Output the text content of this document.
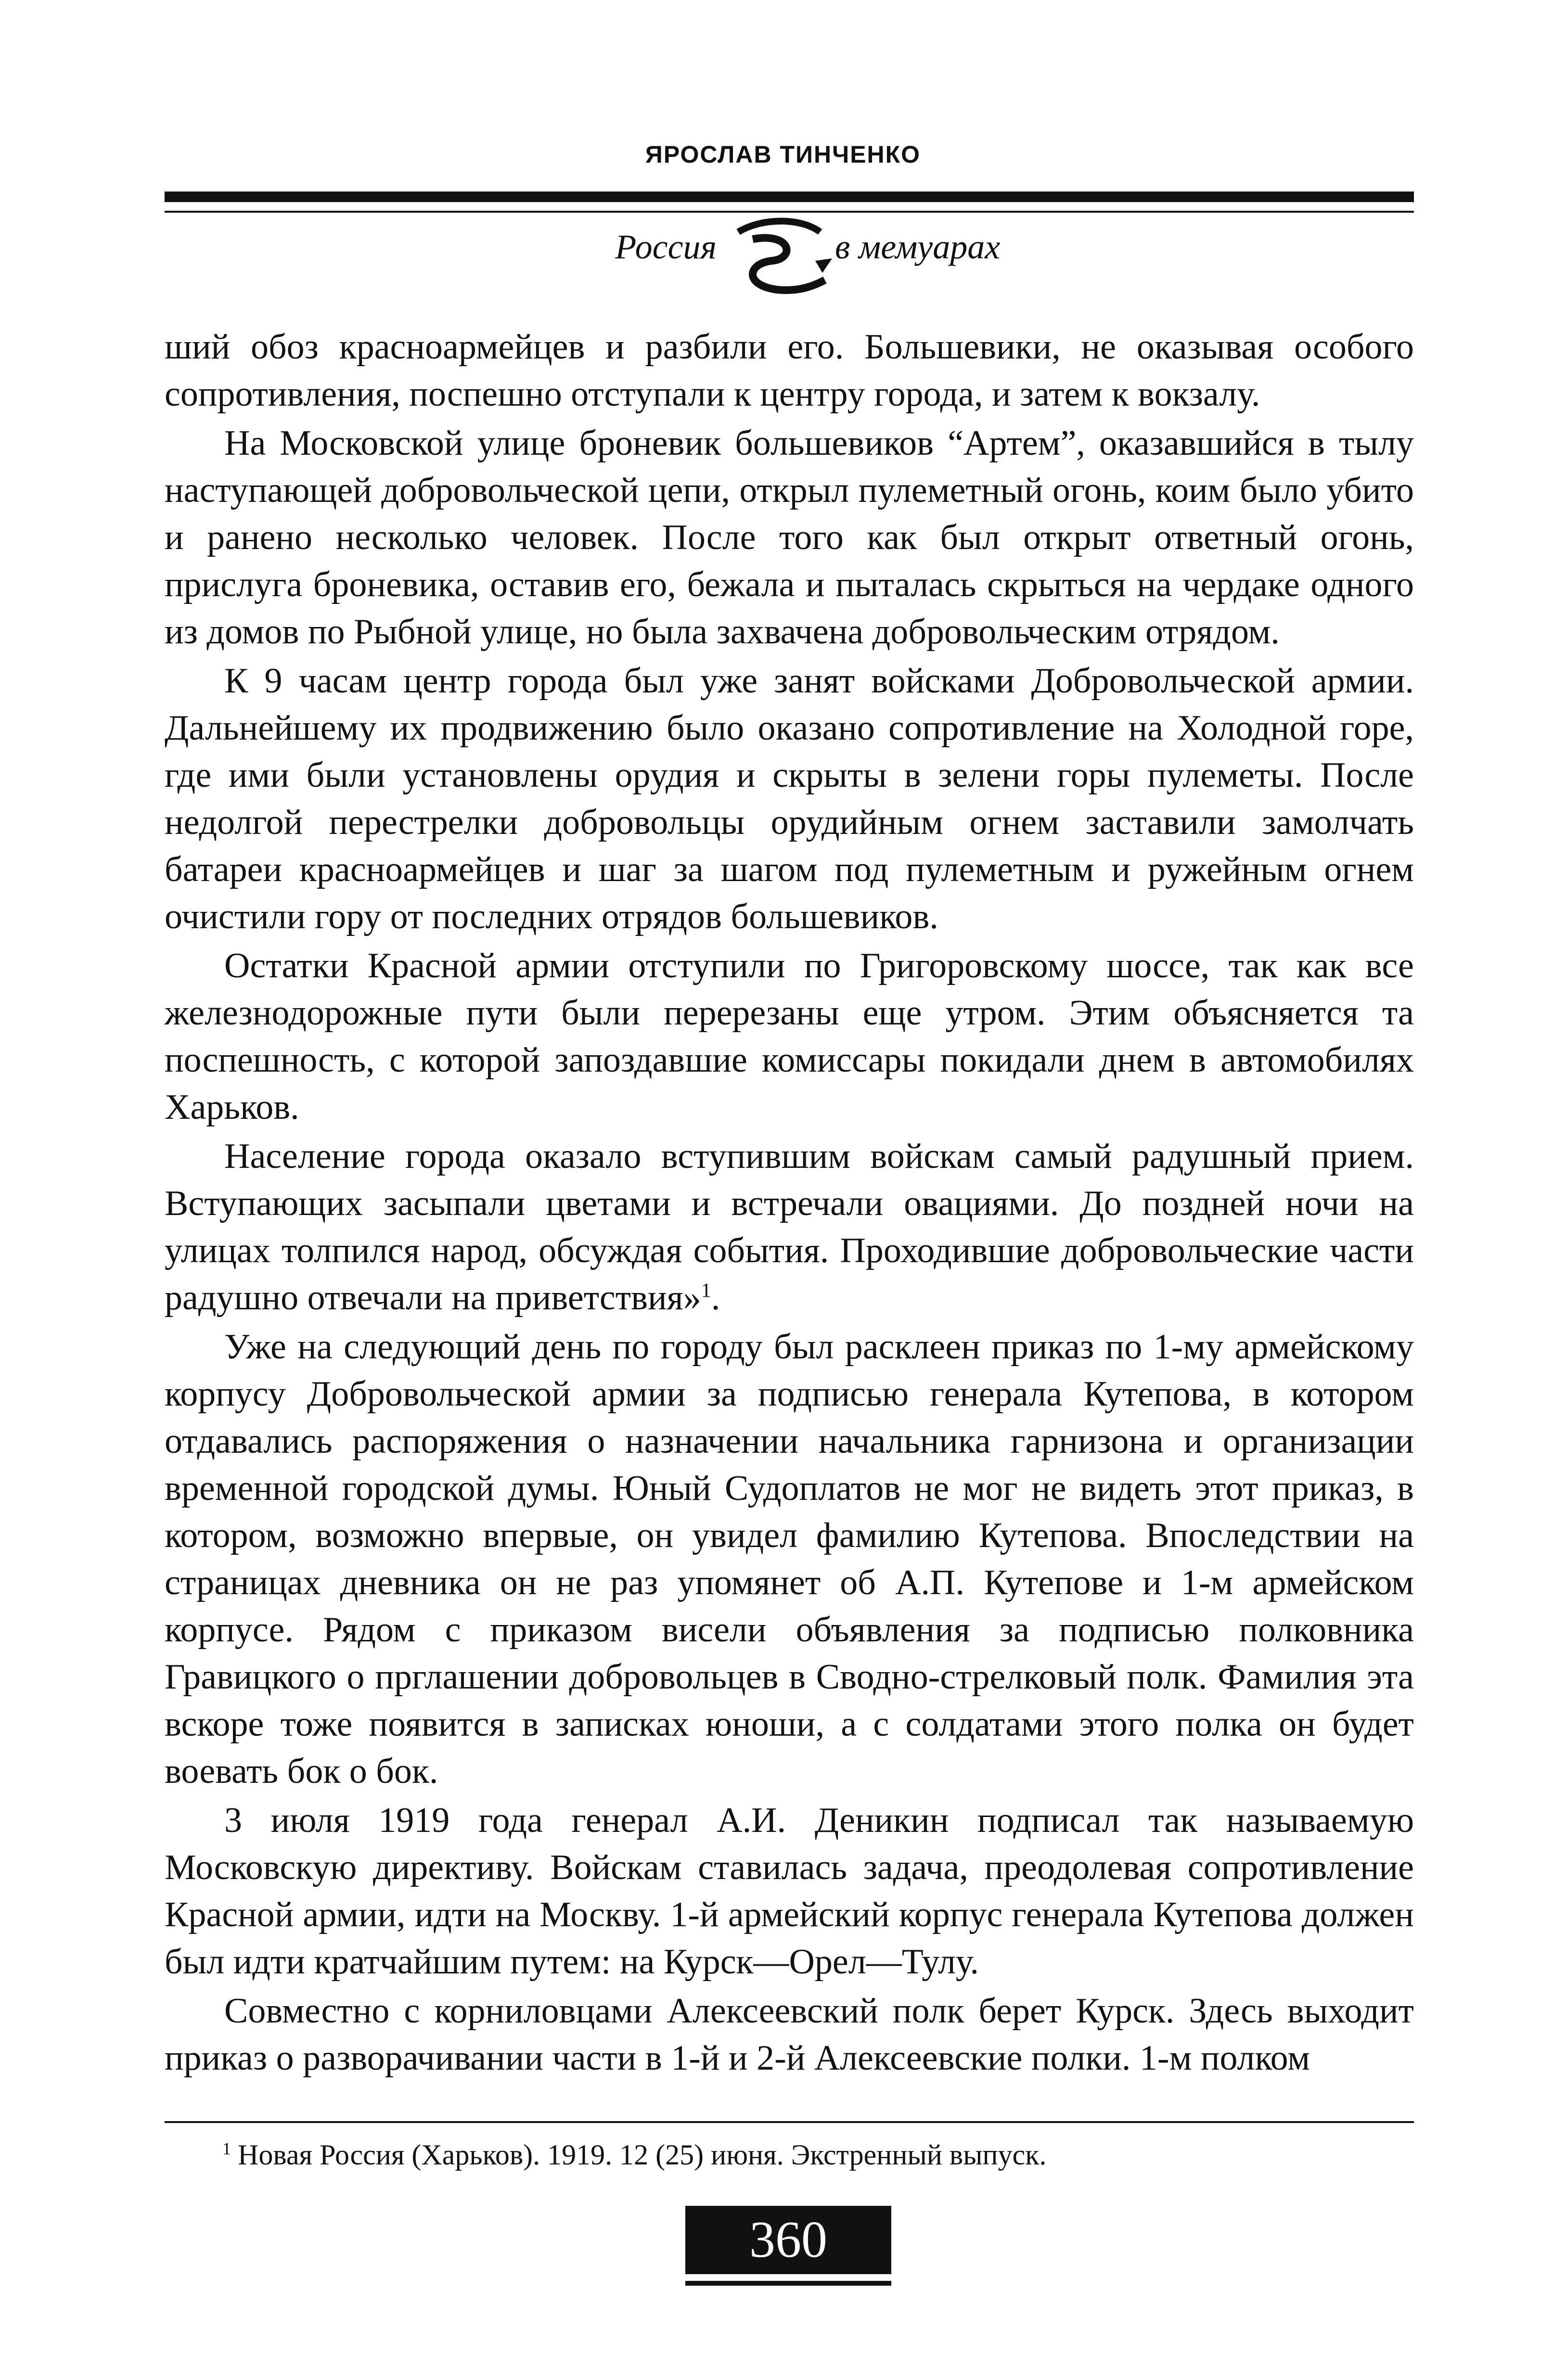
ЯРОСЛАВ ТИНЧЕНКО
Россия	в мемуарах

ший обоз красноармейцев и разбили его. Большевики, не оказывая особого сопротивления, поспешно отступали к центру города, и затем к вокзалу.

На Московской улице броневик большевиков “Артем”, оказавшийся в тылу наступающей добровольческой цепи, открыл пулеметный огонь, коим было убито и ранено несколько человек. После того как был открыт ответный огонь, прислуга броневика, оставив его, бежала и пыталась скрыться на чердаке одного из домов по Рыбной улице, но была захвачена добровольческим отрядом.

К 9 часам центр города был уже занят войсками Добровольческой армии. Дальнейшему их продвижению было оказано сопротивление на Холодной горе, где ими были установлены орудия и скрыты в зелени горы пулеметы. После недолгой перестрелки добровольцы орудийным огнем заставили замолчать батареи красноармейцев и шаг за шагом под пулеметным и ружейным огнем очистили гору от последних отрядов большевиков.

Остатки Красной армии отступили по Григоровскому шоссе, так как все железнодорожные пути были перерезаны еще утром. Этим объясняется та поспешность, с которой запоздавшие комиссары покидали днем в автомобилях Харьков.

Население города оказало вступившим войскам самый радушный прием. Вступающих засыпали цветами и встречали овациями. До поздней ночи на улицах толпился народ, обсуждая события. Проходившие добровольческие части радушно отвечали на приветствия»$^1$.

Уже на следующий день по городу был расклеен приказ по 1-му армейскому корпусу Добровольческой армии за подписью генерала Кутепова, в котором отдавались распоряжения о назначении начальника гарнизона и организации временной городской думы. Юный Судоплатов не мог не видеть этот приказ, в котором, возможно впервые, он увидел фамилию Кутепова. Впоследствии на страницах дневника он не раз упомянет об А.П. Кутепове и 1-м армейском корпусе. Рядом с приказом висели объявления за подписью полковника Гравицкого о прглашении добровольцев в Сводно-стрелковый полк. Фамилия эта вскоре тоже появится в записках юноши, а с солдатами этого полка он будет воевать бок о бок.

3 июля 1919 года генерал А.И. Деникин подписал так называемую Московскую директиву. Войскам ставилась задача, преодолевая сопротивление Красной армии, идти на Москву. 1-й армейский корпус генерала Кутепова должен был идти кратчайшим путем: на Курск—Орел—Тулу.

Совместно с корниловцами Алексеевский полк берет Курск. Здесь выходит приказ о разворачивании части в 1-й и 2-й Алексеевские полки. 1-м полком

$^1$ Новая Россия (Харьков). 1919. 12 (25) июня. Экстренный выпуск.
360
